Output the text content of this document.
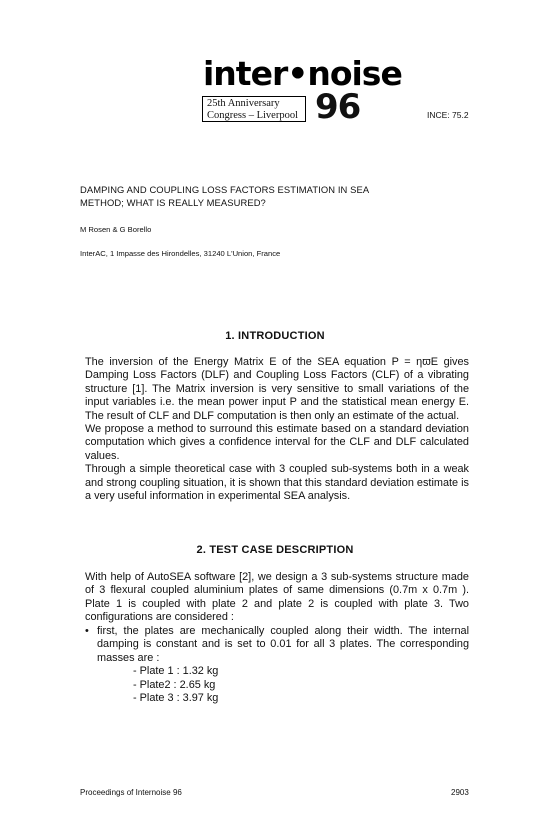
inter•noise
25th Anniversary
Congress – Liverpool 96	INCE: 75.2
DAMPING AND COUPLING LOSS FACTORS ESTIMATION IN SEA
METHOD; WHAT IS REALLY MEASURED?
M Rosen & G Borello
InterAC, 1 Impasse des Hirondelles, 31240 L'Union, France
1. INTRODUCTION

The inversion of the Energy Matrix E of the SEA equation P = ηϖE gives Damping Loss Factors (DLF) and Coupling Loss Factors (CLF) of a vibrating structure [1]. The Matrix inversion is very sensitive to small variations of the input variables i.e. the mean power input P and the statistical mean energy E. The result of CLF and DLF computation is then only an estimate of the actual.

We propose a method to surround this estimate based on a standard deviation computation which gives a confidence interval for the CLF and DLF calculated values.

Through a simple theoretical case with 3 coupled sub-systems both in a weak and strong coupling situation, it is shown that this standard deviation estimate is a very useful information in experimental SEA analysis.

2. TEST CASE DESCRIPTION

With help of AutoSEA software [2], we design a 3 sub-systems structure made of 3 flexural coupled aluminium plates of same dimensions (0.7m x 0.7m ). Plate 1 is coupled with plate 2 and plate 2 is coupled with plate 3. Two configurations are considered :

• first, the plates are mechanically coupled along their width. The internal damping is constant and is set to 0.01 for all 3 plates. The corresponding masses are :
- Plate 1 : 1.32 kg
- Plate2 : 2.65 kg
- Plate 3 : 3.97 kg
Proceedings of Internoise 96	2903
